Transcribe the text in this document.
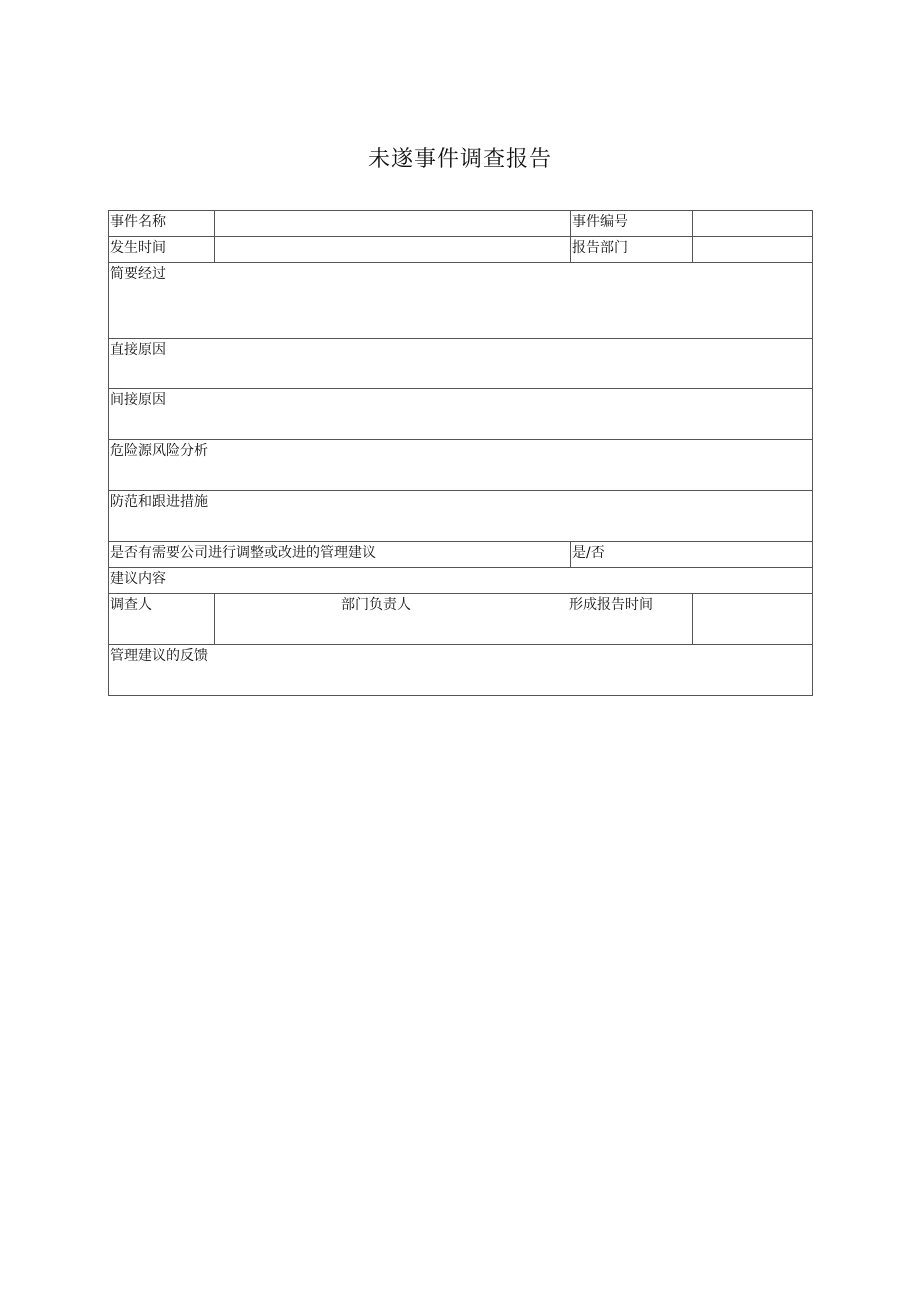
未遂事件调查报告
事件名称		事件编号	
发生时间		报告部门	
简要经过			
直接原因			
间接原因			
危险源风险分析			
防范和跟进措施			
是否有需要公司进行调整或改进的管理建议		是/否	
建议内容			
调查人	部门负责人 形成报告时间		

管理建议的反馈			
